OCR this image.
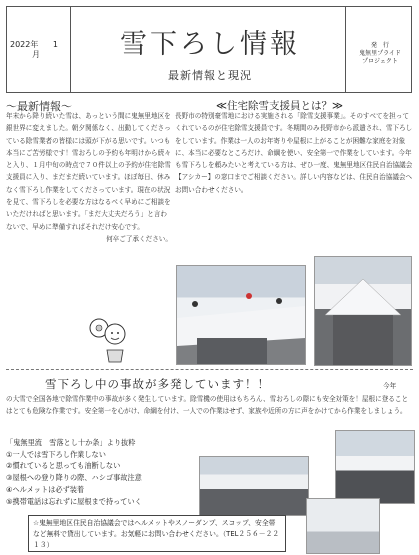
2022年 1
月	雪下ろし情報
最新情報と現況
発　行
鬼無里プライド
プロジェクト
～最新情報～	≪住宅除雪支援員とは？≫
年末から降り続いた雪は、あっという間に鬼無里地区を銀世界に変えました。朝夕関係なく、出動してくださっている除雪業者の皆様には頭が下がる思いです。いつも本当にご苦労様です！雪おろしの予約も年明けから続々と入り、１月中旬の時点で７０件以上の予約が住宅除雪支援員に入り、まだまだ続いています。ほぼ毎日、休みなく雪下ろし作業をしてくださっています。現在の状況を見て、雪下ろしを必要な方はなるべく早めにご相談をいただければと思います。「まだ大丈夫だろう」と言わないで、早めに準備すればそれだけ安心です。
何卒ご了承ください。
長野市の特別豪雪地における実施される「除雪支援事業」。そのすべてを担ってくれているのが住宅除雪支援員です。冬期間のみ長野市から派遣され、雪下ろしをしています。作業は一人のお年寄りや屋根に上がることが困難な家庭を対象に、本当に必要なところだけ、命綱を使い、安全第一で作業をしています。今年も雪下ろしを頼みたいと考えている方は、ぜひ一度、鬼無里地区住民自治協議会【アシカー】の窓口までご相談ください。詳しい内容などは、住民自治協議会へお問い合わせください。
雪下ろし中の事故が多発しています！！	今年
の大雪で全国各地で除雪作業中の事故が多く発生しています。除雪機の使用はもちろん、雪おろしの際にも安全対策を！屋根に登ることはとても危険な作業です。安全第一を心がけ、命綱を付け、一人での作業はせず、家族や近所の方に声をかけてから作業をしましょう。
「鬼無里流　雪落とし十か条」より抜粋
①一人では雪下ろし作業しない
②慣れていると思っても油断しない
③屋根への登り降りの際、ハシゴ事故注意
④ヘルメットは必ず装着
⑤携帯電話は忘れずに屋根まで持っていく
☆鬼無里地区住民自治協議会ではヘルメットやスノーダンプ、スコップ、安全帯など無料で貸出しています。お気軽にお問い合わせください。（TEL２５６－２２１３）
